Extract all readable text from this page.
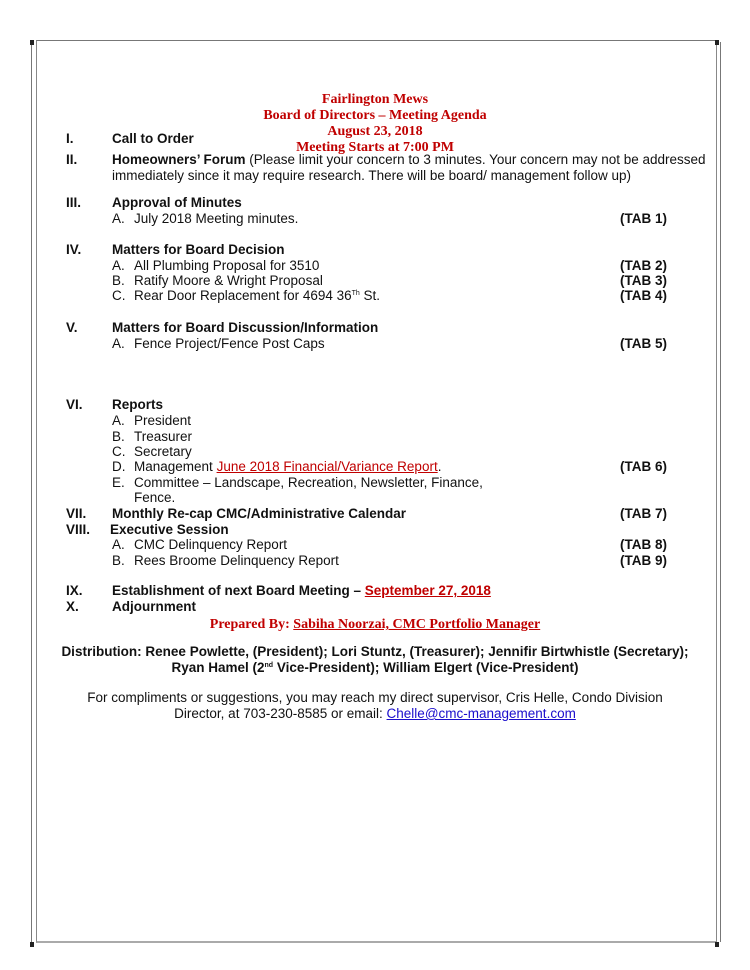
Fairlington Mews
Board of Directors – Meeting Agenda
August 23, 2018
Meeting Starts at 7:00 PM
I.	Call to Order
II.	Homeowners’ Forum (Please limit your concern to 3 minutes. Your concern may not be addressed immediately since it may require research. There will be board/ management follow up)
III. Approval of Minutes
A. July 2018 Meeting minutes.	(TAB 1)
IV. Matters for Board Decision
A. All Plumbing Proposal for 3510	(TAB 2)
B. Ratify Moore & Wright Proposal	(TAB 3)
C. Rear Door Replacement for 4694 36Th St.	(TAB 4)
V.	Matters for Board Discussion/Information
A. Fence Project/Fence Post Caps	(TAB 5)
VI. Reports
A. President
B. Treasurer
C. Secretary
D. Management June 2018 Financial/Variance Report.	(TAB 6)
E. Committee – Landscape, Recreation, Newsletter, Finance,
Fence.
VII. Monthly Re-cap CMC/Administrative Calendar	(TAB 7)
VIII. Executive Session
A. CMC Delinquency Report	(TAB 8)
B. Rees Broome Delinquency Report	(TAB 9)
IX. Establishment of next Board Meeting – September 27, 2018
X. Adjournment
Prepared By: Sabiha Noorzai, CMC Portfolio Manager
Distribution: Renee Powlette, (President); Lori Stuntz, (Treasurer); Jennifir Birtwhistle (Secretary);
Ryan Hamel (2nd Vice-President); William Elgert (Vice-President)
For compliments or suggestions, you may reach my direct supervisor, Cris Helle, Condo Division
Director, at 703-230-8585 or email: Chelle@cmc-management.com
